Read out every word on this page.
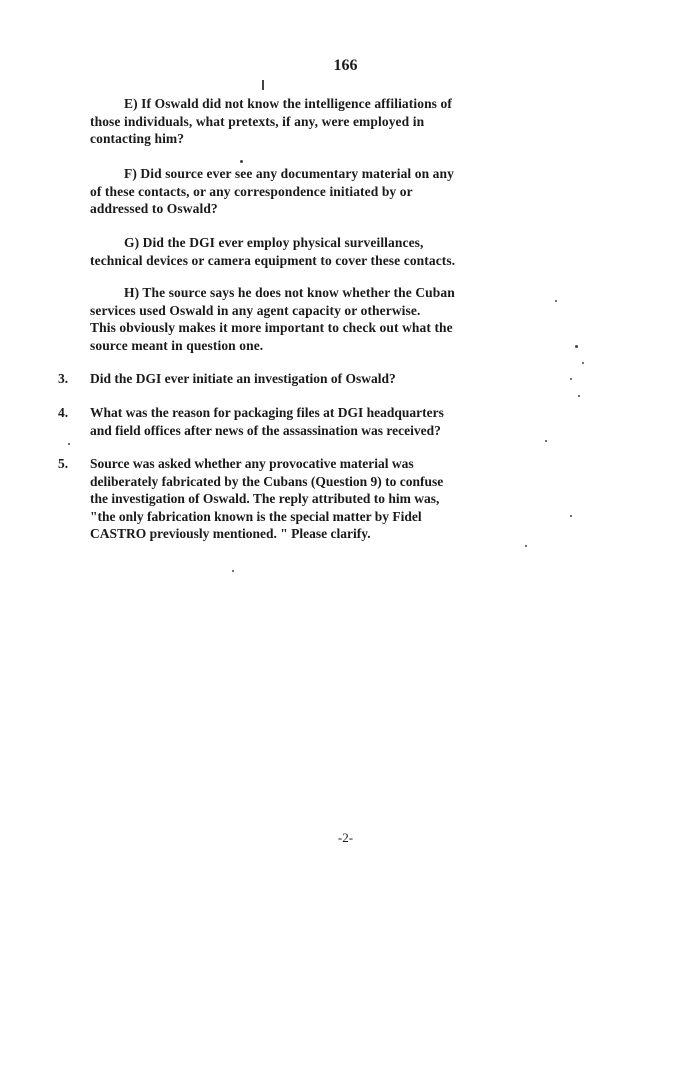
166
E) If Oswald did not know the intelligence affiliations of
those individuals, what pretexts, if any, were employed in
contacting him?
F) Did source ever see any documentary material on any
of these contacts, or any correspondence initiated by or
addressed to Oswald?
G) Did the DGI ever employ physical surveillances,
technical devices or camera equipment to cover these contacts.
H) The source says he does not know whether the Cuban
services used Oswald in any agent capacity or otherwise.
This obviously makes it more important to check out what the
source meant in question one.
3. Did the DGI ever initiate an investigation of Oswald?
4. What was the reason for packaging files at DGI headquarters
and field offices after news of the assassination was received?
5. Source was asked whether any provocative material was
deliberately fabricated by the Cubans (Question 9) to confuse
the investigation of Oswald. The reply attributed to him was,
"the only fabrication known is the special matter by Fidel
CASTRO previously mentioned. " Please clarify.
-2-
